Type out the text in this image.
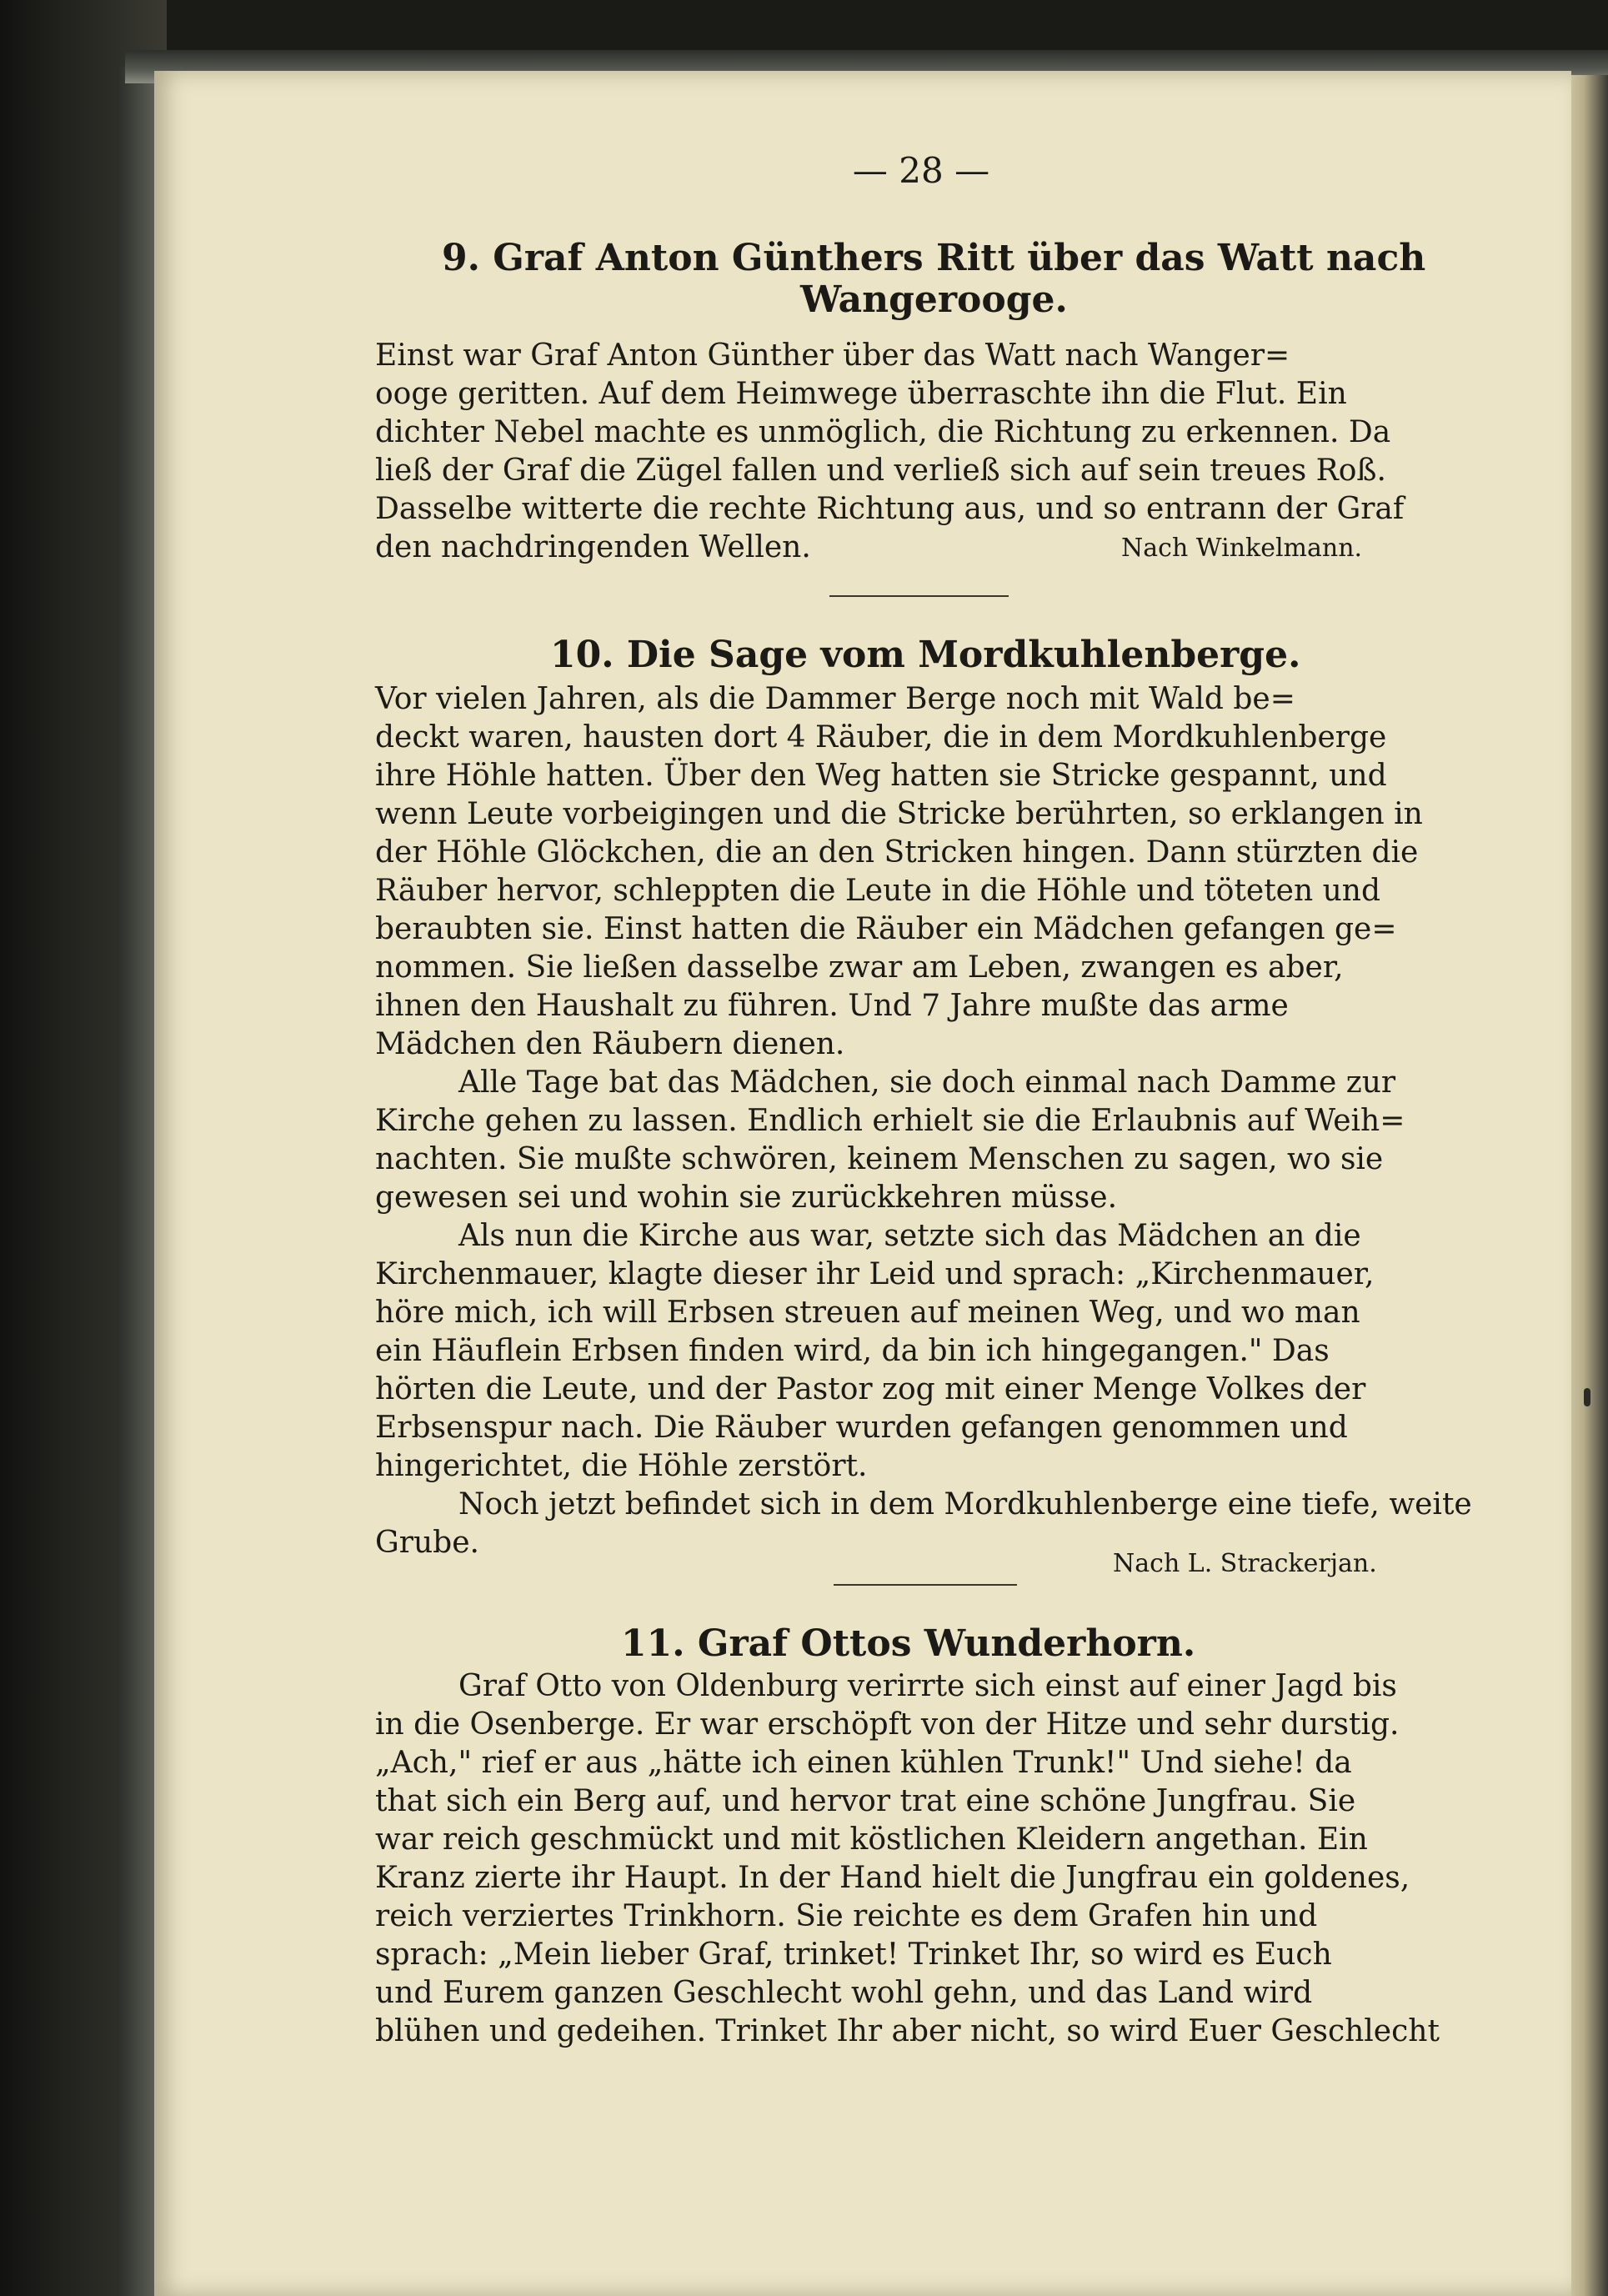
— 28 —
9. Graf Anton Günthers Ritt über das Watt nach
Wangerooge.
Einst war Graf Anton Günther über das Watt nach Wanger=
ooge geritten. Auf dem Heimwege überraschte ihn die Flut. Ein
dichter Nebel machte es unmöglich, die Richtung zu erkennen. Da
ließ der Graf die Zügel fallen und verließ sich auf sein treues Roß.
Dasselbe witterte die rechte Richtung aus, und so entrann der Graf
den nachdringenden Wellen.	Nach Winkelmann.
10. Die Sage vom Mordkuhlenberge.
Vor vielen Jahren, als die Dammer Berge noch mit Wald be=
deckt waren, hausten dort 4 Räuber, die in dem Mordkuhlenberge
ihre Höhle hatten. Über den Weg hatten sie Stricke gespannt, und
wenn Leute vorbeigingen und die Stricke berührten, so erklangen in
der Höhle Glöckchen, die an den Stricken hingen. Dann stürzten die
Räuber hervor, schleppten die Leute in die Höhle und töteten und
beraubten sie. Einst hatten die Räuber ein Mädchen gefangen ge=
nommen. Sie ließen dasselbe zwar am Leben, zwangen es aber,
ihnen den Haushalt zu führen. Und 7 Jahre mußte das arme
Mädchen den Räubern dienen.
Alle Tage bat das Mädchen, sie doch einmal nach Damme zur
Kirche gehen zu lassen. Endlich erhielt sie die Erlaubnis auf Weih=
nachten. Sie mußte schwören, keinem Menschen zu sagen, wo sie
gewesen sei und wohin sie zurückkehren müsse.
Als nun die Kirche aus war, setzte sich das Mädchen an die
Kirchenmauer, klagte dieser ihr Leid und sprach: „Kirchenmauer,
höre mich, ich will Erbsen streuen auf meinen Weg, und wo man
ein Häuflein Erbsen finden wird, da bin ich hingegangen." Das
hörten die Leute, und der Pastor zog mit einer Menge Volkes der
Erbsenspur nach. Die Räuber wurden gefangen genommen und
hingerichtet, die Höhle zerstört.
Noch jetzt befindet sich in dem Mordkuhlenberge eine tiefe, weite
Grube.
Nach L. Strackerjan.
11. Graf Ottos Wunderhorn.
Graf Otto von Oldenburg verirrte sich einst auf einer Jagd bis
in die Osenberge. Er war erschöpft von der Hitze und sehr durstig.
„Ach," rief er aus „hätte ich einen kühlen Trunk!" Und siehe! da
that sich ein Berg auf, und hervor trat eine schöne Jungfrau. Sie
war reich geschmückt und mit köstlichen Kleidern angethan. Ein
Kranz zierte ihr Haupt. In der Hand hielt die Jungfrau ein goldenes,
reich verziertes Trinkhorn. Sie reichte es dem Grafen hin und
sprach: „Mein lieber Graf, trinket! Trinket Ihr, so wird es Euch
und Eurem ganzen Geschlecht wohl gehn, und das Land wird
blühen und gedeihen. Trinket Ihr aber nicht, so wird Euer Geschlecht
